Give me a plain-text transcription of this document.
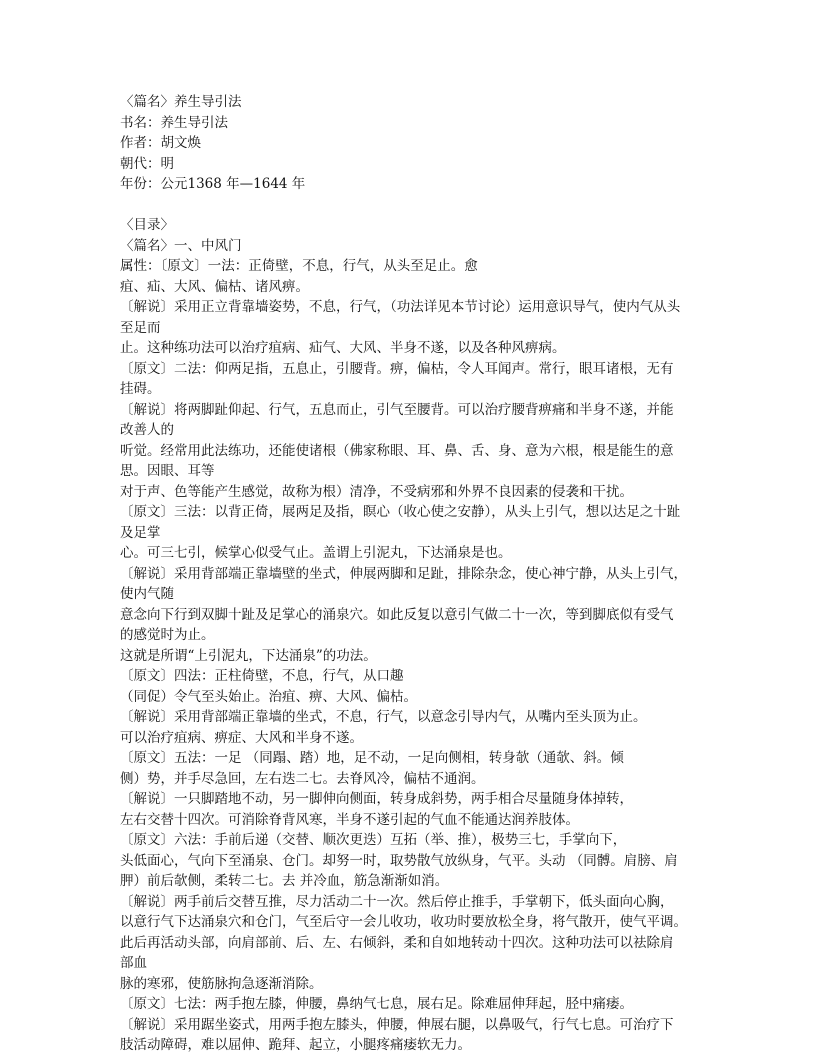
〈篇名〉养生导引法
书名：养生导引法
作者：胡文焕
朝代：明
年份：公元1368 年—1644 年
〈目录〉
〈篇名〉一、中风门
属性：〔原文〕一法：正倚壁，不息，行气，从头至足止。愈
疽、疝、大风、偏枯、诸风痹。
〔解说〕采用正立背靠墙姿势，不息，行气，（功法详见本节讨论）运用意识导气，使内气从头
至足而
止。这种练功法可以治疗疽病、疝气、大风、半身不遂，以及各种风痹病。
〔原文〕二法：仰两足指，五息止，引腰背。痹，偏枯，令人耳闻声。常行，眼耳诸根，无有
挂碍。
〔解说〕将两脚趾仰起、行气，五息而止，引气至腰背。可以治疗腰背痹痛和半身不遂，并能
改善人的
听觉。经常用此法练功，还能使诸根（佛家称眼、耳、鼻、舌、身、意为六根，根是能生的意
思。因眼、耳等
对于声、色等能产生感觉，故称为根）清净，不受病邪和外界不良因素的侵袭和干扰。
〔原文〕三法：以背正倚，展两足及指，瞑心（收心使之安静），从头上引气，想以达足之十趾
及足掌
心。可三七引，候掌心似受气止。盖谓上引泥丸，下达涌泉是也。
〔解说〕采用背部端正靠墙壁的坐式，伸展两脚和足趾，排除杂念，使心神宁静，从头上引气，
使内气随
意念向下行到双脚十趾及足掌心的涌泉穴。如此反复以意引气做二十一次，等到脚底似有受气
的感觉时为止。
这就是所谓“上引泥丸，下达涌泉”的功法。
〔原文〕四法：正柱倚壁，不息，行气，从口趣
（同促）令气至头始止。治疽、痹、大风、偏枯。
〔解说〕采用背部端正靠墙的坐式，不息，行气，以意念引导内气，从嘴内至头顶为止。
可以治疗疽病、痹症、大风和半身不遂。
〔原文〕五法：一足 （同蹋、踏）地，足不动，一足向侧相，转身欹（通欹、斜。倾
侧）势，并手尽急回，左右迭二七。去脊风冷，偏枯不通润。
〔解说〕一只脚踏地不动，另一脚伸向侧面，转身成斜势，两手相合尽量随身体掉转，
左右交替十四次。可消除脊背风寒，半身不遂引起的气血不能通达润养肢体。
〔原文〕六法：手前后递（交替、顺次更迭）互拓（举、推），极势三七，手掌向下，
头低面心，气向下至涌泉、仓门。却努一时，取势散气放纵身，气平。头动 （同髆。肩膀、肩
胛）前后欹侧，柔转二七。去 并冷血，筋急渐渐如消。
〔解说〕两手前后交替互推，尽力活动二十一次。然后停止推手，手掌朝下，低头面向心胸，
以意行气下达涌泉穴和仓门，气至后守一会儿收功，收功时要放松全身，将气散开，使气平调。
此后再活动头部，向肩部前、后、左、右倾斜，柔和自如地转动十四次。这种功法可以祛除肩
部血
脉的寒邪，使筋脉拘急逐渐消除。
〔原文〕七法：两手抱左膝，伸腰，鼻纳气七息，展右足。除难屈伸拜起，胫中痛痿。
〔解说〕采用踞坐姿式，用两手抱左膝头，伸腰，伸展右腿，以鼻吸气，行气七息。可治疗下
肢活动障碍，难以屈伸、跪拜、起立，小腿疼痛痿软无力。
